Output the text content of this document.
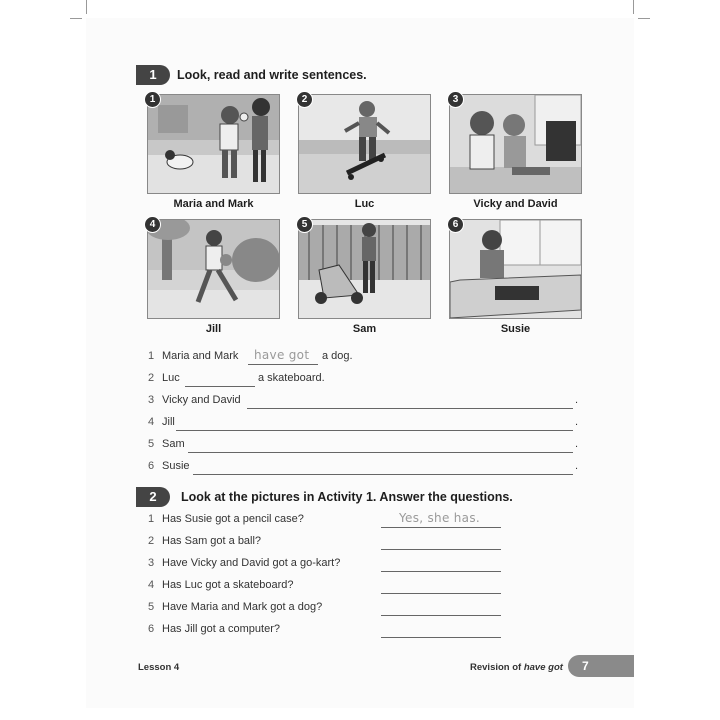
1	Look, read and write sentences.
1	2	3
Maria and Mark	Luc	Vicky and David
4	5	6
Jill	Sam	Susie
1 Maria and Mark have got a dog.
2 Luc	a skateboard.
3 Vicky and David	.
4 Jill	.
5 Sam	.
6 Susie	.
2	Look at the pictures in Activity 1. Answer the questions.
1 Has Susie got a pencil case?	Yes, she has.
2 Has Sam got a ball?
3 Have Vicky and David got a go-kart?
4 Has Luc got a skateboard?
5 Have Maria and Mark got a dog?
6 Has Jill got a computer?
Lesson 4	Revision of have got	7
